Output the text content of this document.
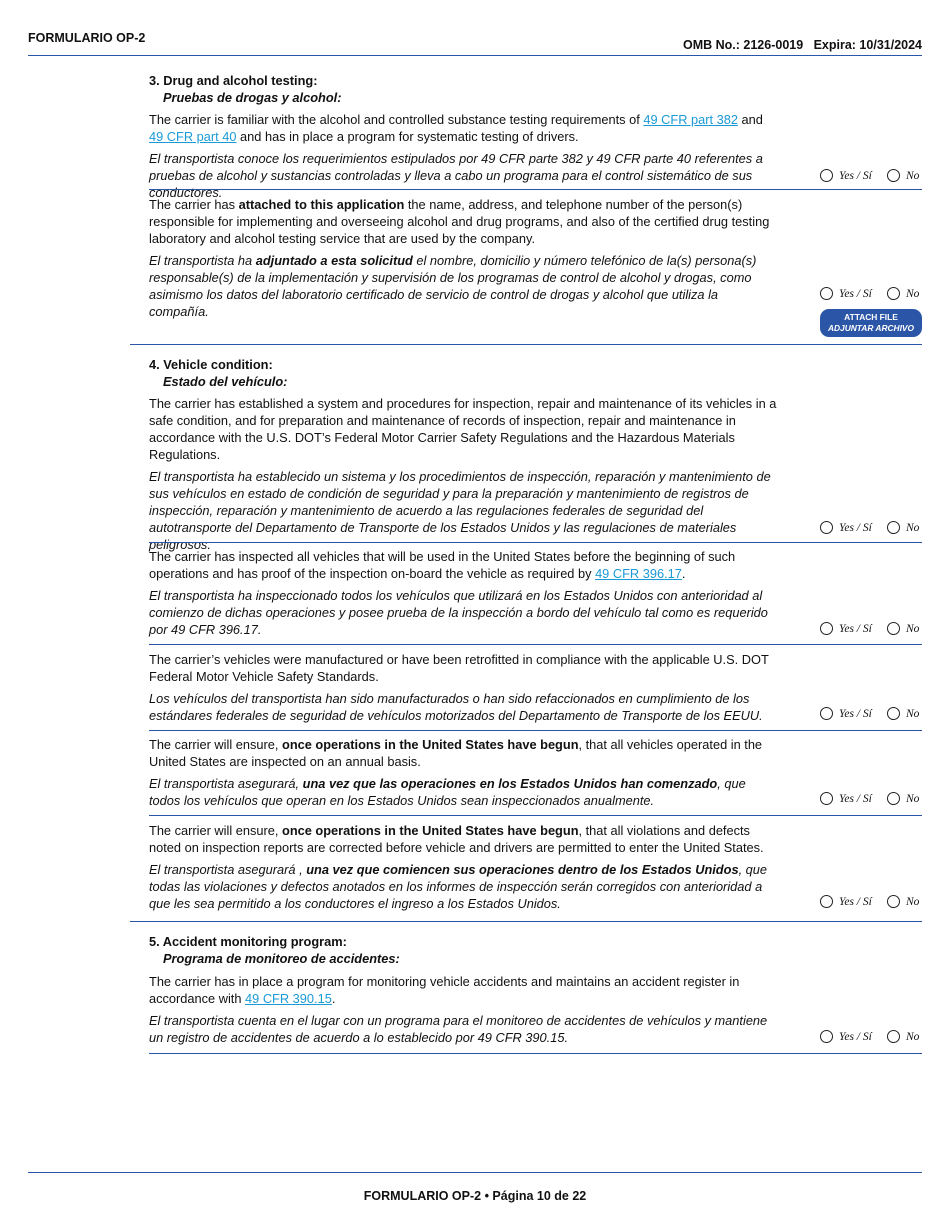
FORMULARIO OP-2	OMB No.: 2126-0019   Expira: 10/31/2024
3. Drug and alcohol testing:
Pruebas de drogas y alcohol:

The carrier is familiar with the alcohol and controlled substance testing requirements of 49 CFR part 382 and 49 CFR part 40 and has in place a program for systematic testing of drivers.

El transportista conoce los requerimientos estipulados por 49 CFR parte 382 y 49 CFR parte 40 referentes a pruebas de alcohol y sustancias controladas y lleva a cabo un programa para el control sistemático de sus conductores.

Yes / Sí	No

The carrier has attached to this application the name, address, and telephone number of the person(s) responsible for implementing and overseeing alcohol and drug programs, and also of the certified drug testing laboratory and alcohol testing service that are used by the company.

El transportista ha adjuntado a esta solicitud el nombre, domicilio y número telefónico de la(s) persona(s) responsable(s) de la implementación y supervisión de los programas de control de alcohol y drogas, como asimismo los datos del laboratorio certificado de servicio de control de drogas y alcohol que utiliza la compañía.

Yes / Sí	No
ATTACH FILE
ADJUNTAR ARCHIVO
4. Vehicle condition:
Estado del vehículo:

The carrier has established a system and procedures for inspection, repair and maintenance of its vehicles in a safe condition, and for preparation and maintenance of records of inspection, repair and maintenance in accordance with the U.S. DOT’s Federal Motor Carrier Safety Regulations and the Hazardous Materials Regulations.

El transportista ha establecido un sistema y los procedimientos de inspección, reparación y mantenimiento de sus vehículos en estado de condición de seguridad y para la preparación y mantenimiento de registros de inspección, reparación y mantenimiento de acuerdo a las regulaciones federales de seguridad del autotransporte del Departamento de Transporte de los Estados Unidos y las regulaciones de materiales peligrosos.

Yes / Sí	No

The carrier has inspected all vehicles that will be used in the United States before the beginning of such operations and has proof of the inspection on-board the vehicle as required by 49 CFR 396.17.

El transportista ha inspeccionado todos los vehículos que utilizará en los Estados Unidos con anterioridad al comienzo de dichas operaciones y posee prueba de la inspección a bordo del vehículo tal como es requerido por 49 CFR 396.17.	Yes / Sí	No

The carrier’s vehicles were manufactured or have been retrofitted in compliance with the applicable U.S. DOT Federal Motor Vehicle Safety Standards.

Los vehículos del transportista han sido manufacturados o han sido refaccionados en cumplimiento de los estándares federales de seguridad de vehículos motorizados del Departamento de Transporte de los EEUU.	Yes / Sí	No

The carrier will ensure, once operations in the United States have begun, that all vehicles operated in the United States are inspected on an annual basis.

El transportista asegurará, una vez que las operaciones en los Estados Unidos han comenzado, que todos los vehículos que operan en los Estados Unidos sean inspeccionados anualmente.	Yes / Sí	No

The carrier will ensure, once operations in the United States have begun, that all violations and defects noted on inspection reports are corrected before vehicle and drivers are permitted to enter the United States.

El transportista asegurará , una vez que comiencen sus operaciones dentro de los Estados Unidos, que todas las violaciones y defectos anotados en los informes de inspección serán corregidos con anterioridad a que les sea permitido a los conductores el ingreso a los Estados Unidos.	Yes / Sí	No
5. Accident monitoring program:
Programa de monitoreo de accidentes:

The carrier has in place a program for monitoring vehicle accidents and maintains an accident register in accordance with 49 CFR 390.15.

El transportista cuenta en el lugar con un programa para el monitoreo de accidentes de vehículos y mantiene un registro de accidentes de acuerdo a lo establecido por 49 CFR 390.15.	Yes / Sí	No
FORMULARIO OP-2 • Página 10 de 22
